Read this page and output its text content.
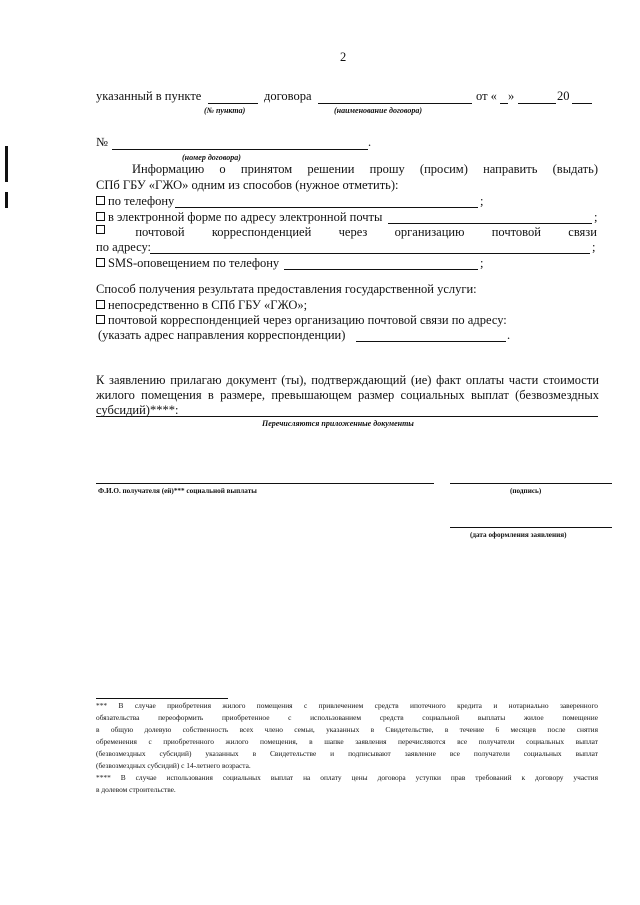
2
указанный в пункте	договора	от « »	20
(№ пункта)	(наименование договора)
№	.
(номер договора)
Информацию о принятом решении прошу (просим) направить (выдать)
СПб ГБУ «ГЖО» одним из способов (нужное отметить):
по телефону	;
в электронной форме по адресу электронной почты	;
почтовой корреспонденцией через организацию почтовой связи
по адресу:	;
SMS-оповещением по телефону	;
Способ получения результата предоставления государственной услуги:
непосредственно в СПб ГБУ «ГЖО»;
почтовой корреспонденцией через организацию почтовой связи по адресу:
(указать адрес направления корреспонденции)	.
К заявлению прилагаю документ (ты), подтверждающий (ие) факт оплаты части стоимости
жилого помещения в размере, превышающем размер социальных выплат (безвозмездных
субсидий)****:
Перечисляются приложенные документы
Ф.И.О. получателя (ей)*** социальной выплаты	(подпись)
(дата оформления заявления)
*** В случае приобретения жилого помещения с привлечением средств ипотечного кредита и нотариально заверенного
обязательства переоформить приобретенное с использованием средств социальной выплаты жилое помещение
в общую долевую собственность всех члено семьи, указанных в Свидетельстве, в течение 6 месяцев после снятия
обременения с приобретенного жилого помещения, в шапке заявления перечисляются все получатели социальных выплат
(безвозмездных субсидий) указанных в Свидетельстве и подписывают заявление все получатели социальных выплат
(безвозмездных субсидий) с 14-летнего возраста.
**** В случае использования социальных выплат на оплату цены договора уступки прав требований к договору участия
в долевом строительстве.
